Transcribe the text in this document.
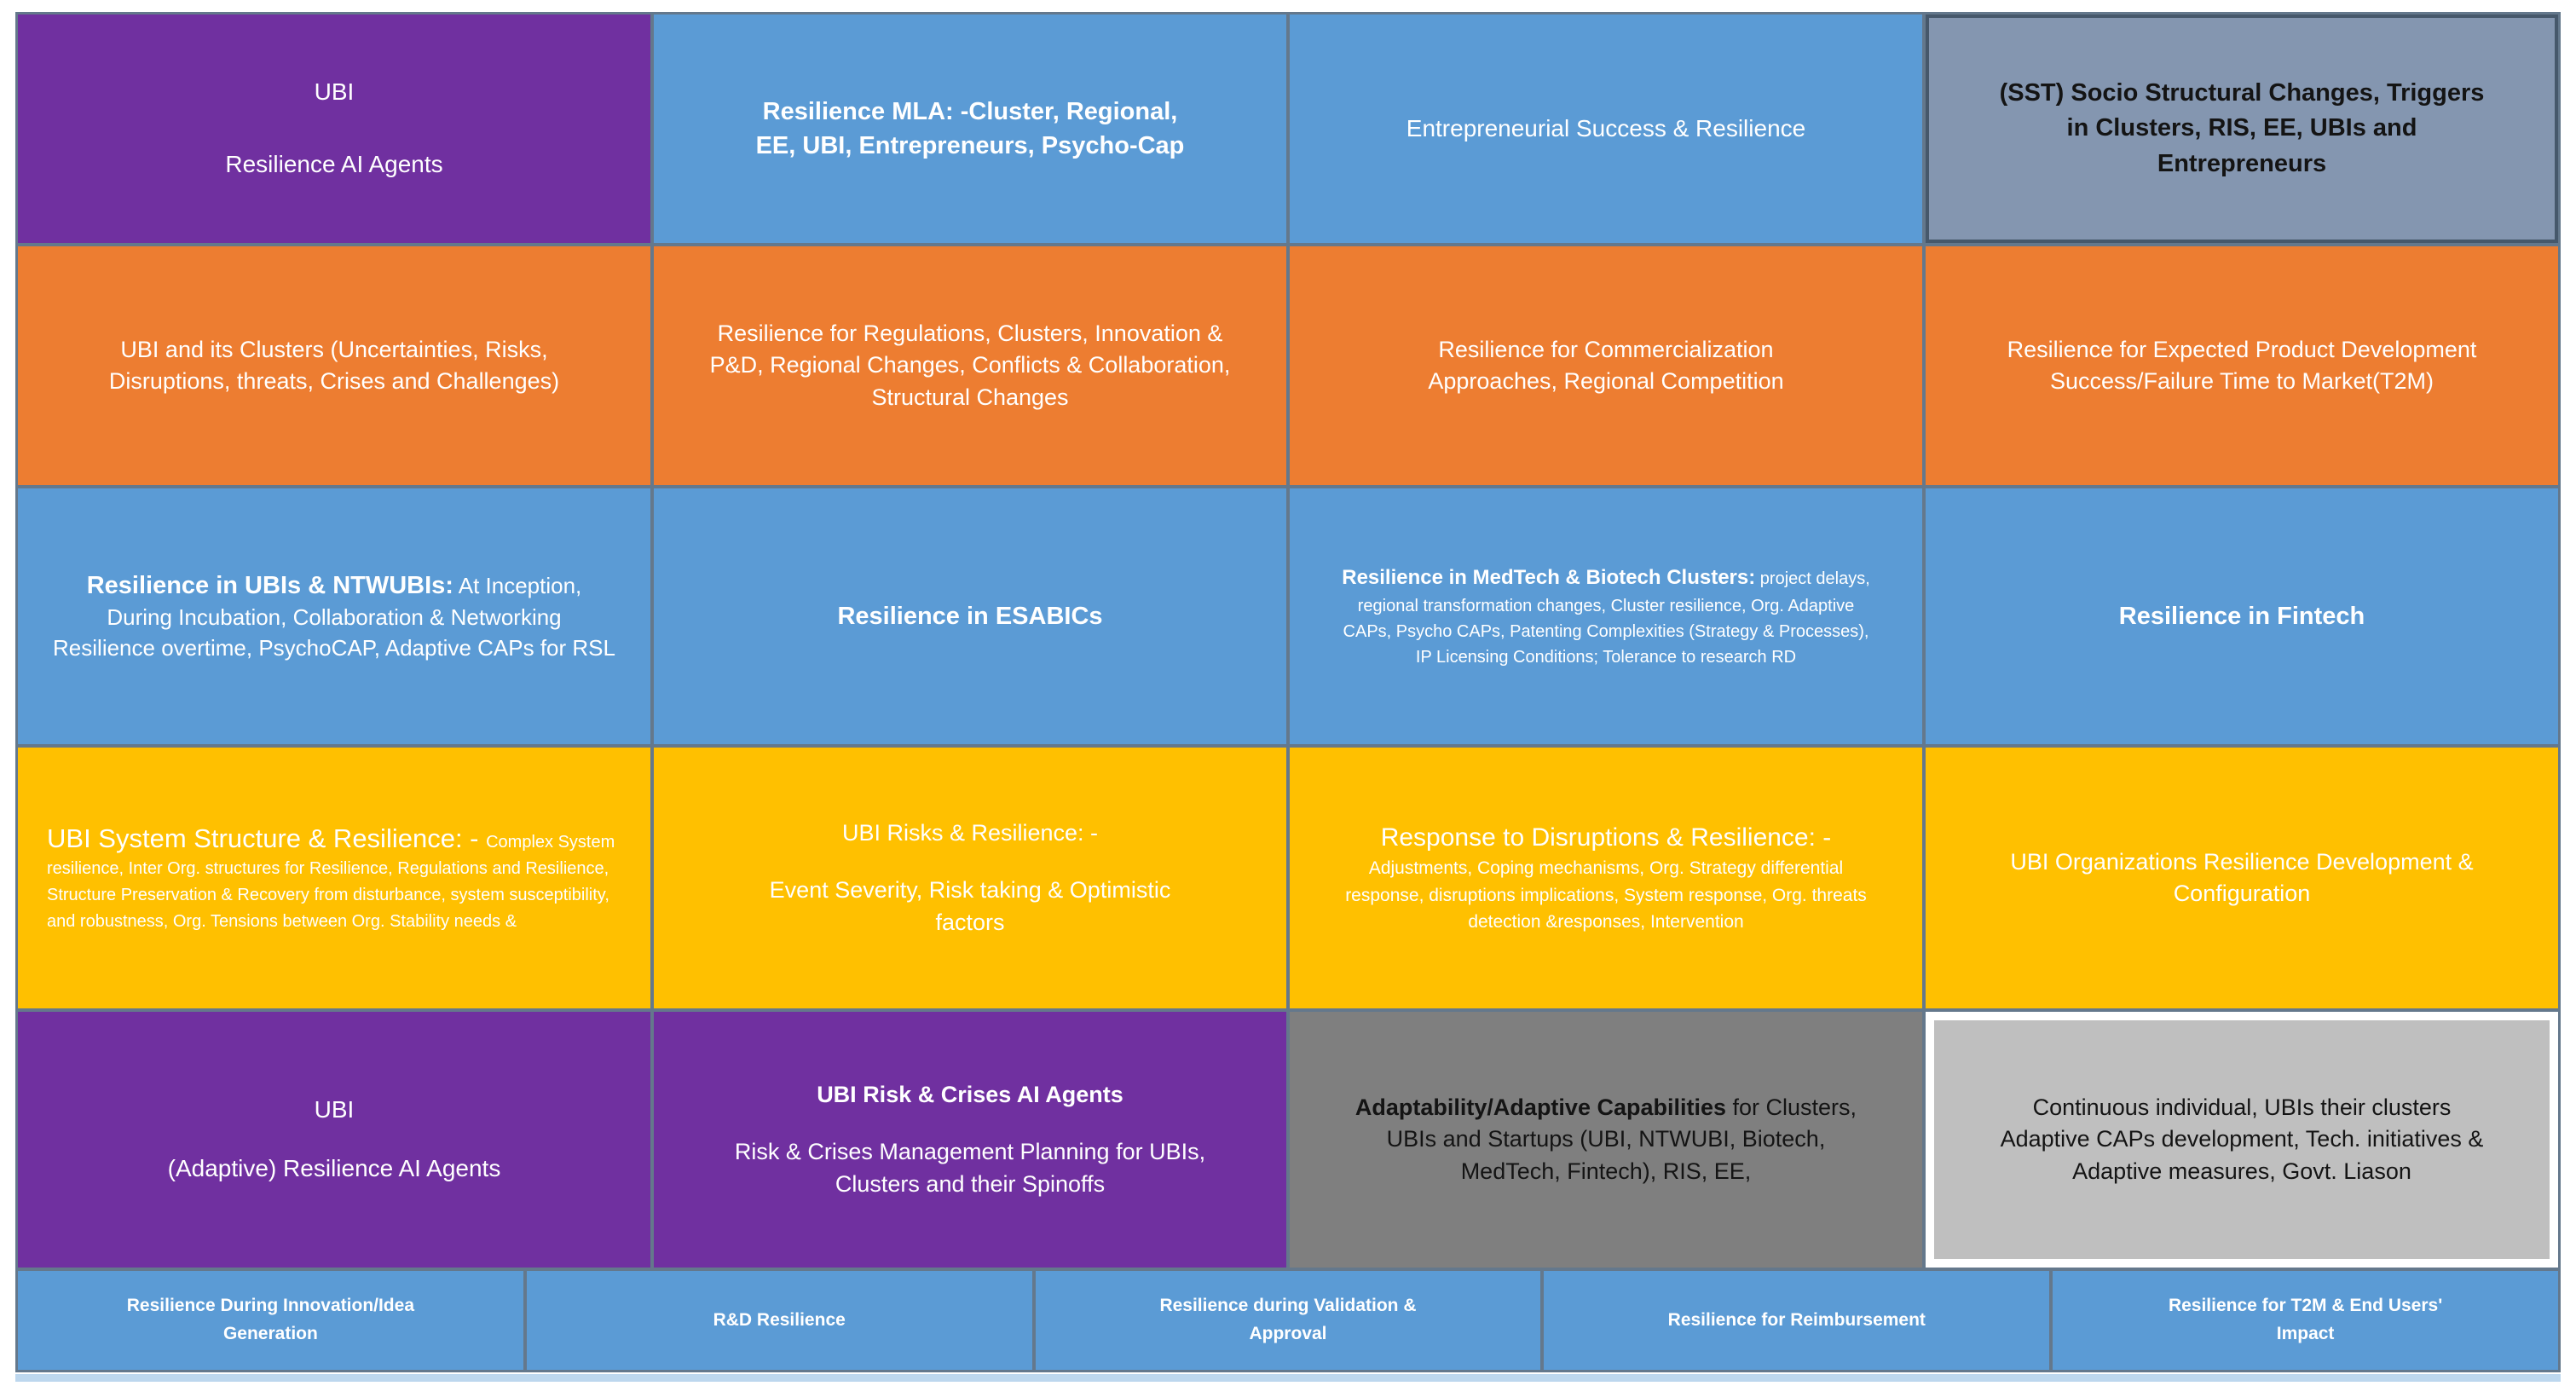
UBI

Resilience AI Agents

Resilience MLA: -Cluster, Regional, EE, UBI, Entrepreneurs, Psycho-Cap

Entrepreneurial Success & Resilience

(SST) Socio Structural Changes, Triggers in Clusters, RIS, EE, UBIs and Entrepreneurs

UBI and its Clusters (Uncertainties, Risks, Disruptions, threats, Crises and Challenges)

Resilience for Regulations, Clusters, Innovation & P&D, Regional Changes, Conflicts & Collaboration, Structural Changes

Resilience for Commercialization Approaches, Regional Competition

Resilience for Expected Product Development Success/Failure Time to Market(T2M)

Resilience in UBIs & NTWUBIs: At Inception, During Incubation, Collaboration & Networking Resilience overtime, PsychoCAP, Adaptive CAPs for RSL

Resilience in ESABICs

Resilience in MedTech & Biotech Clusters: project delays, regional transformation changes, Cluster resilience, Org. Adaptive CAPs, Psycho CAPs, Patenting Complexities (Strategy & Processes), IP Licensing Conditions; Tolerance to research RD

Resilience in Fintech

UBI System Structure & Resilience: - Complex System resilience, Inter Org. structures for Resilience, Regulations and Resilience, Structure Preservation & Recovery from disturbance, system susceptibility, and robustness, Org. Tensions between Org. Stability needs &

UBI Risks & Resilience: -

Event Severity, Risk taking & Optimistic factors

Response to Disruptions & Resilience: - Adjustments, Coping mechanisms, Org. Strategy differential response, disruptions implications, System response, Org. threats detection &responses, Intervention

UBI Organizations Resilience Development & Configuration

UBI

(Adaptive) Resilience AI Agents

UBI Risk & Crises AI Agents

Risk & Crises Management Planning for UBIs, Clusters and their Spinoffs

Adaptability/Adaptive Capabilities for Clusters, UBIs and Startups (UBI, NTWUBI, Biotech, MedTech, Fintech), RIS, EE,

Continuous individual, UBIs their clusters Adaptive CAPs development, Tech. initiatives & Adaptive measures, Govt. Liason

Resilience During Innovation/Idea Generation

R&D Resilience

Resilience during Validation & Approval

Resilience for Reimbursement

Resilience for T2M & End Users' Impact
